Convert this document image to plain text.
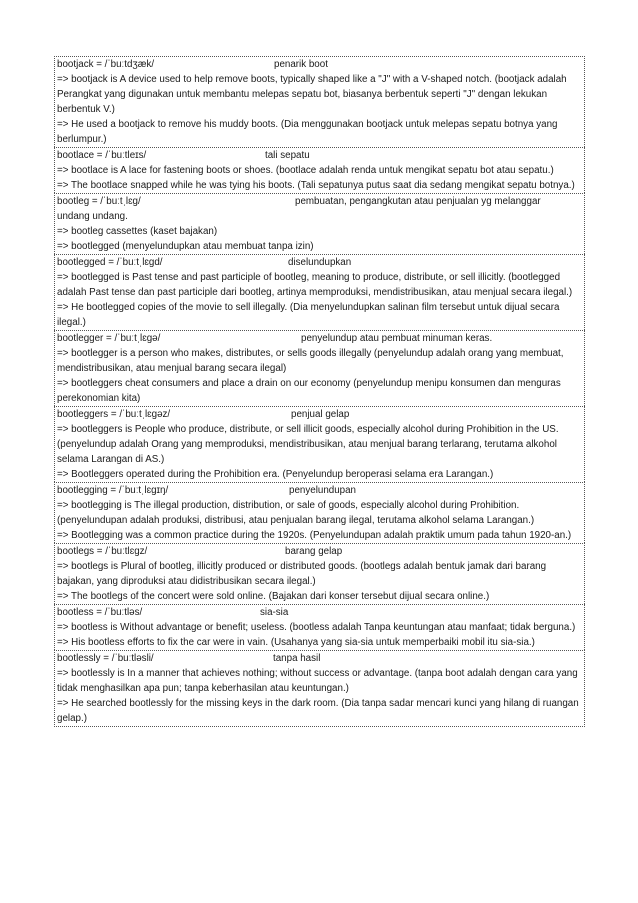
bootjack = /ˈbuːtdʒæk/	penarik boot
=> bootjack is A device used to help remove boots, typically shaped like a "J" with a V-shaped notch. (bootjack adalah Perangkat yang digunakan untuk membantu melepas sepatu bot, biasanya berbentuk seperti "J" dengan lekukan berbentuk V.)
=> He used a bootjack to remove his muddy boots. (Dia menggunakan bootjack untuk melepas sepatu botnya yang berlumpur.)
bootlace = /ˈbuːtleɪs/	tali sepatu
=> bootlace is A lace for fastening boots or shoes. (bootlace adalah renda untuk mengikat sepatu bot atau sepatu.)
=> The bootlace snapped while he was tying his boots. (Tali sepatunya putus saat dia sedang mengikat sepatu botnya.)
bootleg = /ˈbuːtˌlɛɡ/	pembuatan, pengangkutan atau penjualan yg melanggar
undang undang.
=> bootleg cassettes (kaset bajakan)
=> bootlegged (menyelundupkan atau membuat tanpa izin)
bootlegged = /ˈbuːtˌlɛɡd/	diselundupkan
=> bootlegged is Past tense and past participle of bootleg, meaning to produce, distribute, or sell illicitly. (bootlegged adalah Past tense dan past participle dari bootleg, artinya memproduksi, mendistribusikan, atau menjual secara ilegal.)
=> He bootlegged copies of the movie to sell illegally. (Dia menyelundupkan salinan film tersebut untuk dijual secara ilegal.)
bootlegger = /ˈbuːtˌlɛɡə/	penyelundup atau pembuat minuman keras.
=> bootlegger is a person who makes, distributes, or sells goods illegally (penyelundup adalah orang yang membuat, mendistribusikan, atau menjual barang secara ilegal)
=> bootleggers cheat consumers and place a drain on our economy (penyelundup menipu konsumen dan menguras perekonomian kita)
bootleggers = /ˈbuːtˌlɛɡəz/	penjual gelap
=> bootleggers is People who produce, distribute, or sell illicit goods, especially alcohol during Prohibition in the US. (penyelundup adalah Orang yang memproduksi, mendistribusikan, atau menjual barang terlarang, terutama alkohol selama Larangan di AS.)
=> Bootleggers operated during the Prohibition era. (Penyelundup beroperasi selama era Larangan.)
bootlegging = /ˈbuːtˌlɛɡɪŋ/	penyelundupan
=> bootlegging is The illegal production, distribution, or sale of goods, especially alcohol during Prohibition. (penyelundupan adalah produksi, distribusi, atau penjualan barang ilegal, terutama alkohol selama Larangan.)
=> Bootlegging was a common practice during the 1920s. (Penyelundupan adalah praktik umum pada tahun 1920-an.)
bootlegs = /ˈbuːtlɛɡz/	barang gelap
=> bootlegs is Plural of bootleg, illicitly produced or distributed goods. (bootlegs adalah bentuk jamak dari barang bajakan, yang diproduksi atau didistribusikan secara ilegal.)
=> The bootlegs of the concert were sold online. (Bajakan dari konser tersebut dijual secara online.)
bootless = /ˈbuːtləs/	sia-sia
=> bootless is Without advantage or benefit; useless. (bootless adalah Tanpa keuntungan atau manfaat; tidak berguna.)
=> His bootless efforts to fix the car were in vain. (Usahanya yang sia-sia untuk memperbaiki mobil itu sia-sia.)
bootlessly = /ˈbuːtləsli/	tanpa hasil
=> bootlessly is In a manner that achieves nothing; without success or advantage. (tanpa boot adalah dengan cara yang tidak menghasilkan apa pun; tanpa keberhasilan atau keuntungan.)
=> He searched bootlessly for the missing keys in the dark room. (Dia tanpa sadar mencari kunci yang hilang di ruangan gelap.)
